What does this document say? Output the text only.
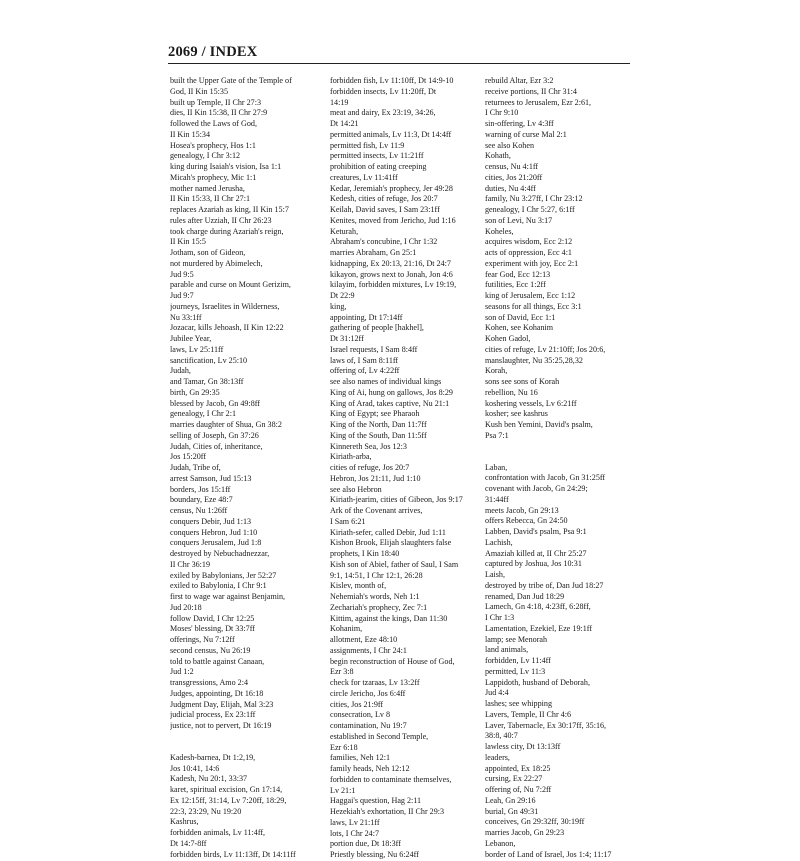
2069 / INDEX
built the Upper Gate of the Temple of
God, II Kin 15:35
built up Temple, II Chr 27:3
dies, II Kin 15:38, II Chr 27:9
followed the Laws of God,
II Kin 15:34
Hosea's prophecy, Hos 1:1
genealogy, I Chr 3:12
king during Isaiah's vision, Isa 1:1
Micah's prophecy, Mic 1:1
mother named Jerusha,
II Kin 15:33, II Chr 27:1
replaces Azariah as king, II Kin 15:7
rules after Uzziah, II Chr 26:23
took charge during Azariah's reign,
II Kin 15:5
Jotham, son of Gideon,
not murdered by Abimelech,
Jud 9:5
parable and curse on Mount Gerizim,
Jud 9:7
journeys, Israelites in Wilderness,
Nu 33:1ff
Jozacar, kills Jehoash, II Kin 12:22
Jubilee Year,
laws, Lv 25:11ff
sanctification, Lv 25:10
Judah,
and Tamar, Gn 38:13ff
birth, Gn 29:35
blessed by Jacob, Gn 49:8ff
genealogy, I Chr 2:1
marries daughter of Shua, Gn 38:2
selling of Joseph, Gn 37:26
Judah, Cities of, inheritance,
Jos 15:20ff
Judah, Tribe of,
arrest Samson, Jud 15:13
borders, Jos 15:1ff
boundary, Eze 48:7
census, Nu 1:26ff
conquers Debir, Jud 1:13
conquers Hebron, Jud 1:10
conquers Jerusalem, Jud 1:8
destroyed by Nebuchadnezzar,
II Chr 36:19
exiled by Babylonians, Jer 52:27
exiled to Babylonia, I Chr 9:1
first to wage war against Benjamin,
Jud 20:18
follow David, I Chr 12:25
Moses' blessing, Dt 33:7ff
offerings, Nu 7:12ff
second census, Nu 26:19
told to battle against Canaan,
Jud 1:2
transgressions, Amo 2:4
Judges, appointing, Dt 16:18
Judgment Day, Elijah, Mal 3:23
judicial process, Ex 23:1ff
justice, not to pervert, Dt 16:19
Kadesh-barnea, Dt 1:2,19,
Jos 10:41, 14:6
Kadesh, Nu 20:1, 33:37
karet, spiritual excision, Gn 17:14,
Ex 12:15ff, 31:14, Lv 7:20ff, 18:29,
22:3, 23:29, Nu 19:20
Kashrus,
forbidden animals, Lv 11:4ff,
Dt 14:7-8ff
forbidden birds, Lv 11:13ff, Dt 14:11ff
forbidden fish, Lv 11:10ff, Dt 14:9-10
forbidden insects, Lv 11:20ff, Dt
14:19
meat and dairy, Ex 23:19, 34:26,
Dt 14:21
permitted animals, Lv 11:3, Dt 14:4ff
permitted fish, Lv 11:9
permitted insects, Lv 11:21ff
prohibition of eating creeping
creatures, Lv 11:41ff
Kedar, Jeremiah's prophecy, Jer 49:28
Kedesh, cities of refuge, Jos 20:7
Keilah, David saves, I Sam 23:1ff
Kenites, moved from Jericho, Jud 1:16
Keturah,
Abraham's concubine, I Chr 1:32
marries Abraham, Gn 25:1
kidnapping, Ex 20:13, 21:16, Dt 24:7
kikayon, grows next to Jonah, Jon 4:6
kilayim, forbidden mixtures, Lv 19:19,
Dt 22:9
king,
appointing, Dt 17:14ff
gathering of people [hakhel],
Dt 31:12ff
Israel requests, I Sam 8:4ff
laws of, I Sam 8:11ff
offering of, Lv 4:22ff
see also names of individual kings
King of Ai, hung on gallows, Jos 8:29
King of Arad, takes captive, Nu 21:1
King of Egypt; see Pharaoh
King of the North, Dan 11:7ff
King of the South, Dan 11:5ff
Kinnereth Sea, Jos 12:3
Kiriath-arba,
cities of refuge, Jos 20:7
Hebron, Jos 21:11, Jud 1:10
see also Hebron
Kiriath-jearim, cities of Gibeon, Jos 9:17
Ark of the Covenant arrives,
I Sam 6:21
Kiriath-sefer, called Debir, Jud 1:11
Kishon Brook, Elijah slaughters false
prophets, I Kin 18:40
Kish son of Abiel, father of Saul, I Sam
9:1, 14:51, I Chr 12:1, 26:28
Kislev, month of,
Nehemiah's words, Neh 1:1
Zechariah's prophecy, Zec 7:1
Kittim, against the kings, Dan 11:30
Kohanim,
allotment, Eze 48:10
assignments, I Chr 24:1
begin reconstruction of House of God,
Ezr 3:8
check for tzaraas, Lv 13:2ff
circle Jericho, Jos 6:4ff
cities, Jos 21:9ff
consecration, Lv 8
contamination, Nu 19:7
established in Second Temple,
Ezr 6:18
families, Neh 12:1
family heads, Neh 12:12
forbidden to contaminate themselves,
Lv 21:1
Haggai's question, Hag 2:11
Hezekiah's exhortation, II Chr 29:3
laws, Lv 21:1ff
lots, I Chr 24:7
portion due, Dt 18:3ff
Priestly blessing, Nu 6:24ff
rebuild Altar, Ezr 3:2
receive portions, II Chr 31:4
returnees to Jerusalem, Ezr 2:61,
I Chr 9:10
sin-offering, Lv 4:3ff
warning of curse Mal 2:1
see also Kohen
Kohath,
census, Nu 4:1ff
cities, Jos 21:20ff
duties, Nu 4:4ff
family, Nu 3:27ff, I Chr 23:12
genealogy, I Chr 5:27, 6:1ff
son of Levi, Nu 3:17
Koheles,
acquires wisdom, Ecc 2:12
acts of oppression, Ecc 4:1
experiment with joy, Ecc 2:1
fear God, Ecc 12:13
futilities, Ecc 1:2ff
king of Jerusalem, Ecc 1:12
seasons for all things, Ecc 3:1
son of David, Ecc 1:1
Kohen, see Kohanim
Kohen Gadol,
cities of refuge, Lv 21:10ff; Jos 20:6,
manslaughter, Nu 35:25,28,32
Korah,
sons see sons of Korah
rebellion, Nu 16
koshering vessels, Lv 6:21ff
kosher; see kashrus
Kush ben Yemini, David's psalm,
Psa 7:1
Laban,
confrontation with Jacob, Gn 31:25ff
covenant with Jacob, Gn 24:29;
31:44ff
meets Jacob, Gn 29:13
offers Rebecca, Gn 24:50
Labben, David's psalm, Psa 9:1
Lachish,
Amaziah killed at, II Chr 25:27
captured by Joshua, Jos 10:31
Laish,
destroyed by tribe of, Dan Jud 18:27
renamed, Dan Jud 18:29
Lamech, Gn 4:18, 4:23ff, 6:28ff,
I Chr 1:3
Lamentation, Ezekiel, Eze 19:1ff
lamp; see Menorah
land animals,
forbidden, Lv 11:4ff
permitted, Lv 11:3
Lappidoth, husband of Deborah,
Jud 4:4
lashes; see whipping
Lavers, Temple, II Chr 4:6
Laver, Tabernacle, Ex 30:17ff, 35:16,
38:8, 40:7
lawless city, Dt 13:13ff
leaders,
appointed, Ex 18:25
cursing, Ex 22:27
offering of, Nu 7:2ff
Leah, Gn 29:16
burial, Gn 49:31
conceives, Gn 29:32ff, 30:19ff
marries Jacob, Gn 29:23
Lebanon,
border of Land of Israel, Jos 1:4; 11:17
